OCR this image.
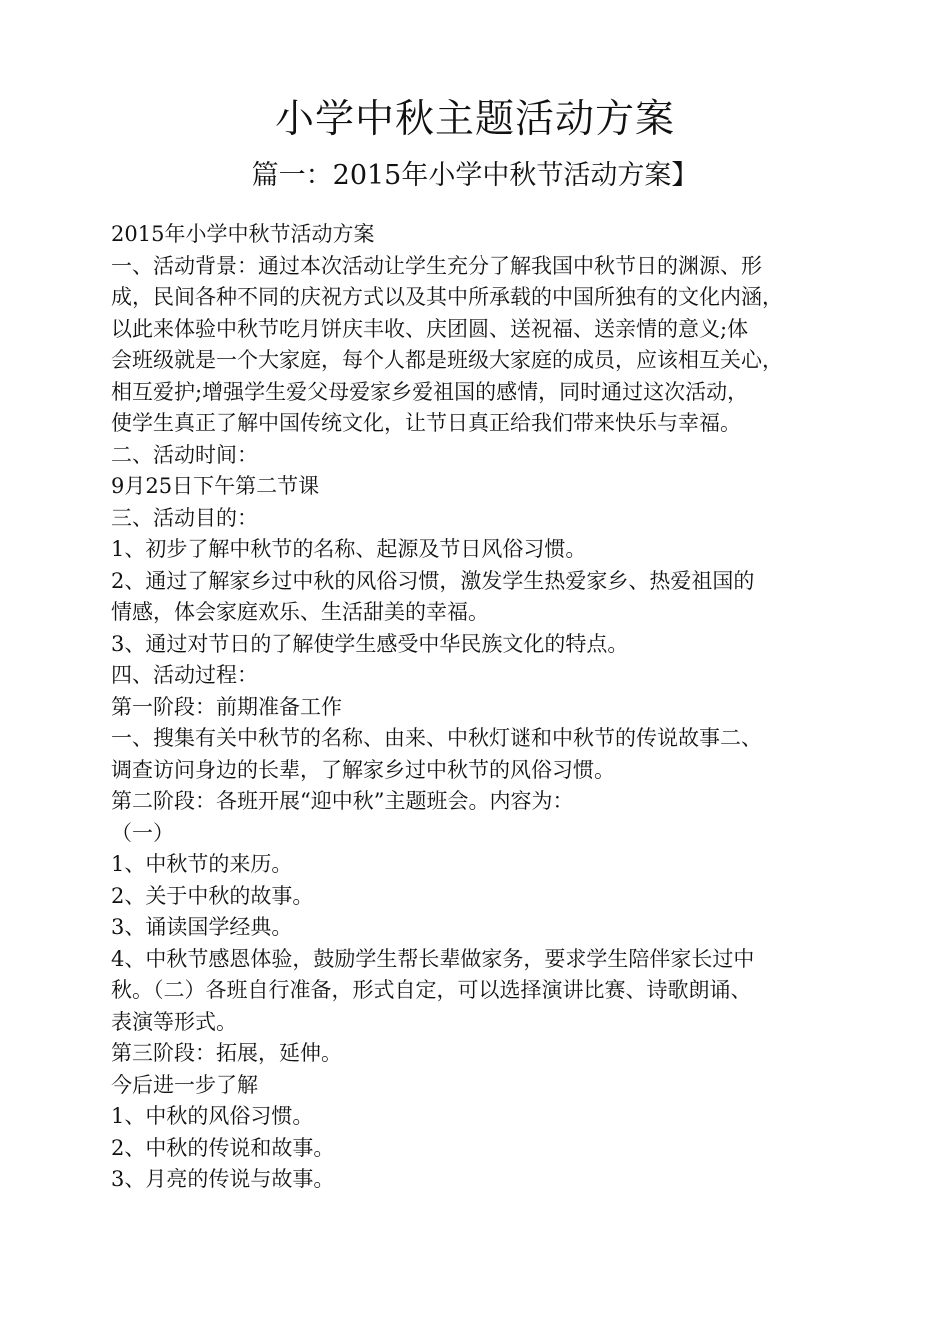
小学中秋主题活动方案
篇一：2015年小学中秋节活动方案】
2015年小学中秋节活动方案
一、活动背景：通过本次活动让学生充分了解我国中秋节日的渊源、形
成，民间各种不同的庆祝方式以及其中所承载的中国所独有的文化内涵，
以此来体验中秋节吃月饼庆丰收、庆团圆、送祝福、送亲情的意义;体
会班级就是一个大家庭，每个人都是班级大家庭的成员，应该相互关心，
相互爱护;增强学生爱父母爱家乡爱祖国的感情，同时通过这次活动，
使学生真正了解中国传统文化，让节日真正给我们带来快乐与幸福。
二、活动时间：
9月25日下午第二节课
三、活动目的：
1、初步了解中秋节的名称、起源及节日风俗习惯。
2、通过了解家乡过中秋的风俗习惯，激发学生热爱家乡、热爱祖国的
情感，体会家庭欢乐、生活甜美的幸福。
3、通过对节日的了解使学生感受中华民族文化的特点。
四、活动过程：
第一阶段：前期准备工作
一、搜集有关中秋节的名称、由来、中秋灯谜和中秋节的传说故事二、
调查访问身边的长辈，了解家乡过中秋节的风俗习惯。
第二阶段：各班开展“迎中秋”主题班会。内容为：
（一）
1、中秋节的来历。
2、关于中秋的故事。
3、诵读国学经典。
4、中秋节感恩体验，鼓励学生帮长辈做家务，要求学生陪伴家长过中
秋。（二）各班自行准备，形式自定，可以选择演讲比赛、诗歌朗诵、
表演等形式。
第三阶段：拓展，延伸。
今后进一步了解
1、中秋的风俗习惯。
2、中秋的传说和故事。
3、月亮的传说与故事。
